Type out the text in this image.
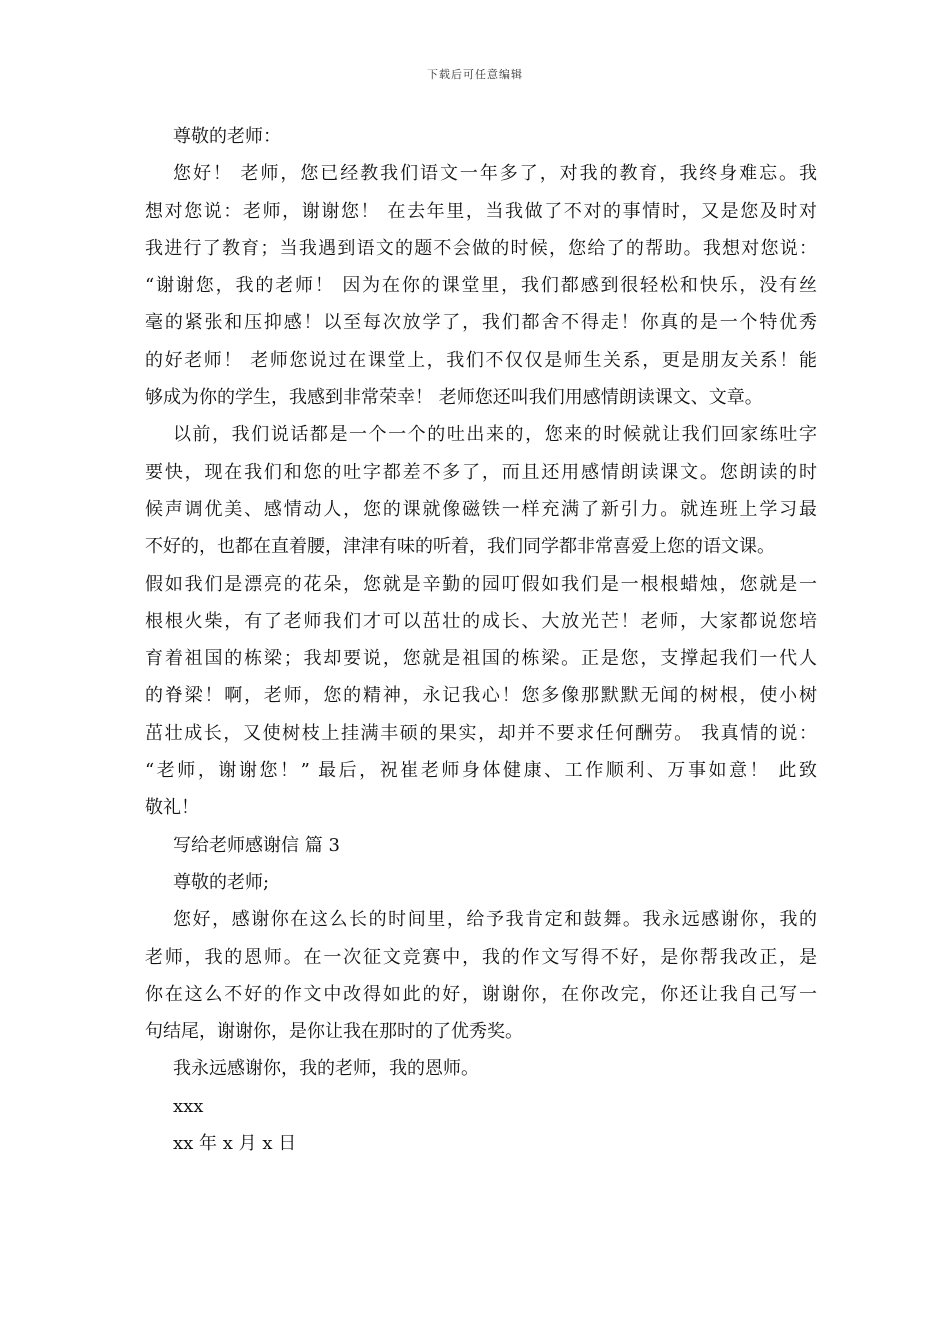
下载后可任意编辑
尊敬的老师：
您好！ 老师，您已经教我们语文一年多了，对我的教育，我终身难忘。我
想对您说：老师，谢谢您！ 在去年里，当我做了不对的事情时，又是您及时对
我进行了教育；当我遇到语文的题不会做的时候，您给了的帮助。我想对您说：
“谢谢您，我的老师！ 因为在你的课堂里，我们都感到很轻松和快乐，没有丝
毫的紧张和压抑感！以至每次放学了，我们都舍不得走！你真的是一个特优秀
的好老师！ 老师您说过在课堂上，我们不仅仅是师生关系，更是朋友关系！能
够成为你的学生，我感到非常荣幸！ 老师您还叫我们用感情朗读课文、文章。
以前，我们说话都是一个一个的吐出来的，您来的时候就让我们回家练吐字
要快，现在我们和您的吐字都差不多了，而且还用感情朗读课文。您朗读的时
候声调优美、感情动人，您的课就像磁铁一样充满了新引力。就连班上学习最
不好的，也都在直着腰，津津有味的听着，我们同学都非常喜爱上您的语文课。
假如我们是漂亮的花朵，您就是辛勤的园叮假如我们是一根根蜡烛，您就是一
根根火柴，有了老师我们才可以茁壮的成长、大放光芒！老师，大家都说您培
育着祖国的栋梁；我却要说，您就是祖国的栋梁。正是您，支撑起我们一代人
的脊梁！啊，老师，您的精神，永记我心！您多像那默默无闻的树根，使小树
茁壮成长，又使树枝上挂满丰硕的果实，却并不要求任何酬劳。 我真情的说：
“老师，谢谢您！” 最后，祝崔老师身体健康、工作顺利、万事如意！ 此致
敬礼！
写给老师感谢信 篇 3
尊敬的老师;
您好，感谢你在这么长的时间里，给予我肯定和鼓舞。我永远感谢你，我的
老师，我的恩师。在一次征文竞赛中，我的作文写得不好，是你帮我改正，是
你在这么不好的作文中改得如此的好，谢谢你，在你改完，你还让我自己写一
句结尾，谢谢你，是你让我在那时的了优秀奖。
我永远感谢你，我的老师，我的恩师。
xxx
xx 年 x 月 x 日
